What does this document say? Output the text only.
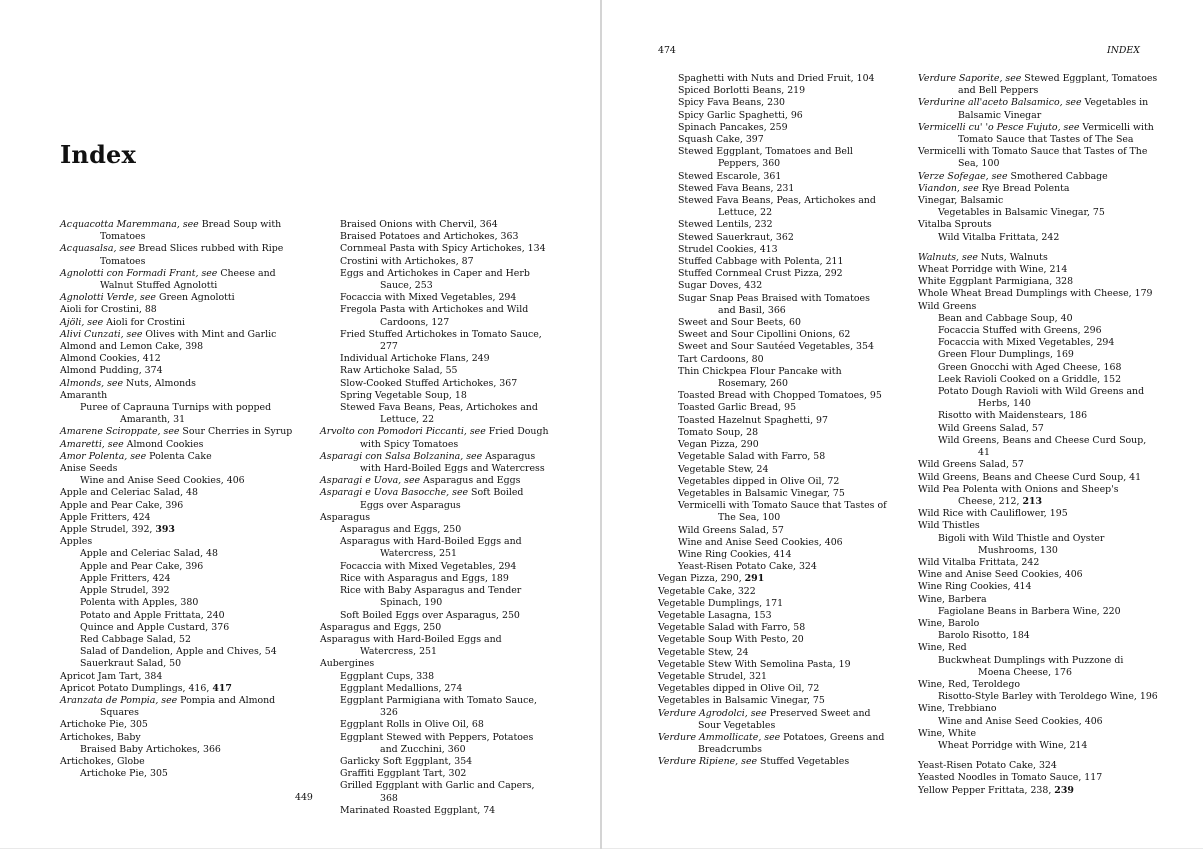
Index
Acquacotta Maremmana, see Bread Soup with Tomatoes
Acquasalsa, see Bread Slices rubbed with Ripe Tomatoes
Agnolotti con Formadi Frant, see Cheese and Walnut Stuffed Agnolotti
Agnolotti Verde, see Green Agnolotti
Aioli for Crostini, 88
Ajöli, see Aioli for Crostini
Alivi Cunzati, see Olives with Mint and Garlic
Almond and Lemon Cake, 398
Almond Cookies, 412
Almond Pudding, 374
Almonds, see Nuts, Almonds
Amaranth
Puree of Caprauna Turnips with popped Amaranth, 31
Amarene Sciroppate, see Sour Cherries in Syrup
Amaretti, see Almond Cookies
Amor Polenta, see Polenta Cake
Anise Seeds
Wine and Anise Seed Cookies, 406
Apple and Celeriac Salad, 48
Apple and Pear Cake, 396
Apple Fritters, 424
Apple Strudel, 392, 393
Apples
Apple and Celeriac Salad, 48
Apple and Pear Cake, 396
Apple Fritters, 424
Apple Strudel, 392
Polenta with Apples, 380
Potato and Apple Frittata, 240
Quince and Apple Custard, 376
Red Cabbage Salad, 52
Salad of Dandelion, Apple and Chives, 54
Sauerkraut Salad, 50
Apricot Jam Tart, 384
Apricot Potato Dumplings, 416, 417
Aranzata de Pompia, see Pompia and Almond Squares
Artichoke Pie, 305
Artichokes, Baby
Braised Baby Artichokes, 366
Artichokes, Globe
Artichoke Pie, 305
Braised Onions with Chervil, 364
Braised Potatoes and Artichokes, 363
Cornmeal Pasta with Spicy Artichokes, 134
Crostini with Artichokes, 87
Eggs and Artichokes in Caper and Herb Sauce, 253
Focaccia with Mixed Vegetables, 294
Fregola Pasta with Artichokes and Wild Cardoons, 127
Fried Stuffed Artichokes in Tomato Sauce, 277
Individual Artichoke Flans, 249
Raw Artichoke Salad, 55
Slow-Cooked Stuffed Artichokes, 367
Spring Vegetable Soup, 18
Stewed Fava Beans, Peas, Artichokes and Lettuce, 22
Arvolto con Pomodori Piccanti, see Fried Dough with Spicy Tomatoes
Asparagi con Salsa Bolzanina, see Asparagus with Hard-Boiled Eggs and Watercress
Asparagi e Uova, see Asparagus and Eggs
Asparagi e Uova Basocche, see Soft Boiled Eggs over Asparagus
Asparagus
Asparagus and Eggs, 250
Asparagus with Hard-Boiled Eggs and Watercress, 251
Focaccia with Mixed Vegetables, 294
Rice with Asparagus and Eggs, 189
Rice with Baby Asparagus and Tender Spinach, 190
Soft Boiled Eggs over Asparagus, 250
Asparagus and Eggs, 250
Asparagus with Hard-Boiled Eggs and Watercress, 251
Aubergines
Eggplant Cups, 338
Eggplant Medallions, 274
Eggplant Parmigiana with Tomato Sauce, 326
Eggplant Rolls in Olive Oil, 68
Eggplant Stewed with Peppers, Potatoes and Zucchini, 360
Garlicky Soft Eggplant, 354
Graffiti Eggplant Tart, 302
Grilled Eggplant with Garlic and Capers, 368
Marinated Roasted Eggplant, 74
449
474	INDEX
Spaghetti with Nuts and Dried Fruit, 104
Spiced Borlotti Beans, 219
Spicy Fava Beans, 230
Spicy Garlic Spaghetti, 96
Spinach Pancakes, 259
Squash Cake, 397
Stewed Eggplant, Tomatoes and Bell Peppers, 360
Stewed Escarole, 361
Stewed Fava Beans, 231
Stewed Fava Beans, Peas, Artichokes and Lettuce, 22
Stewed Lentils, 232
Stewed Sauerkraut, 362
Strudel Cookies, 413
Stuffed Cabbage with Polenta, 211
Stuffed Cornmeal Crust Pizza, 292
Sugar Doves, 432
Sugar Snap Peas Braised with Tomatoes and Basil, 366
Sweet and Sour Beets, 60
Sweet and Sour Cipollini Onions, 62
Sweet and Sour Sautéed Vegetables, 354
Tart Cardoons, 80
Thin Chickpea Flour Pancake with Rosemary, 260
Toasted Bread with Chopped Tomatoes, 95
Toasted Garlic Bread, 95
Toasted Hazelnut Spaghetti, 97
Tomato Soup, 28
Vegan Pizza, 290
Vegetable Salad with Farro, 58
Vegetable Stew, 24
Vegetables dipped in Olive Oil, 72
Vegetables in Balsamic Vinegar, 75
Vermicelli with Tomato Sauce that Tastes of The Sea, 100
Wild Greens Salad, 57
Wine and Anise Seed Cookies, 406
Wine Ring Cookies, 414
Yeast-Risen Potato Cake, 324
Vegan Pizza, 290, 291
Vegetable Cake, 322
Vegetable Dumplings, 171
Vegetable Lasagna, 153
Vegetable Salad with Farro, 58
Vegetable Soup With Pesto, 20
Vegetable Stew, 24
Vegetable Stew With Semolina Pasta, 19
Vegetable Strudel, 321
Vegetables dipped in Olive Oil, 72
Vegetables in Balsamic Vinegar, 75
Verdure Agrodolci, see Preserved Sweet and Sour Vegetables
Verdure Ammollicate, see Potatoes, Greens and Breadcrumbs
Verdure Ripiene, see Stuffed Vegetables
Verdure Saporite, see Stewed Eggplant, Tomatoes and Bell Peppers
Verdurine all'aceto Balsamico, see Vegetables in Balsamic Vinegar
Vermicelli cu' 'o Pesce Fujuto, see Vermicelli with Tomato Sauce that Tastes of The Sea
Vermicelli with Tomato Sauce that Tastes of The Sea, 100
Verze Sofegae, see Smothered Cabbage
Viandon, see Rye Bread Polenta
Vinegar, Balsamic
Vegetables in Balsamic Vinegar, 75
Vitalba Sprouts
Wild Vitalba Frittata, 242
Walnuts, see Nuts, Walnuts
Wheat Porridge with Wine, 214
White Eggplant Parmigiana, 328
Whole Wheat Bread Dumplings with Cheese, 179
Wild Greens
Bean and Cabbage Soup, 40
Focaccia Stuffed with Greens, 296
Focaccia with Mixed Vegetables, 294
Green Flour Dumplings, 169
Green Gnocchi with Aged Cheese, 168
Leek Ravioli Cooked on a Griddle, 152
Potato Dough Ravioli with Wild Greens and Herbs, 140
Risotto with Maidenstears, 186
Wild Greens Salad, 57
Wild Greens, Beans and Cheese Curd Soup, 41
Wild Greens Salad, 57
Wild Greens, Beans and Cheese Curd Soup, 41
Wild Pea Polenta with Onions and Sheep's Cheese, 212, 213
Wild Rice with Cauliflower, 195
Wild Thistles
Bigoli with Wild Thistle and Oyster Mushrooms, 130
Wild Vitalba Frittata, 242
Wine and Anise Seed Cookies, 406
Wine Ring Cookies, 414
Wine, Barbera
Fagiolane Beans in Barbera Wine, 220
Wine, Barolo
Barolo Risotto, 184
Wine, Red
Buckwheat Dumplings with Puzzone di Moena Cheese, 176
Wine, Red, Teroldego
Risotto-Style Barley with Teroldego Wine, 196
Wine, Trebbiano
Wine and Anise Seed Cookies, 406
Wine, White
Wheat Porridge with Wine, 214
Yeast-Risen Potato Cake, 324
Yeasted Noodles in Tomato Sauce, 117
Yellow Pepper Frittata, 238, 239
